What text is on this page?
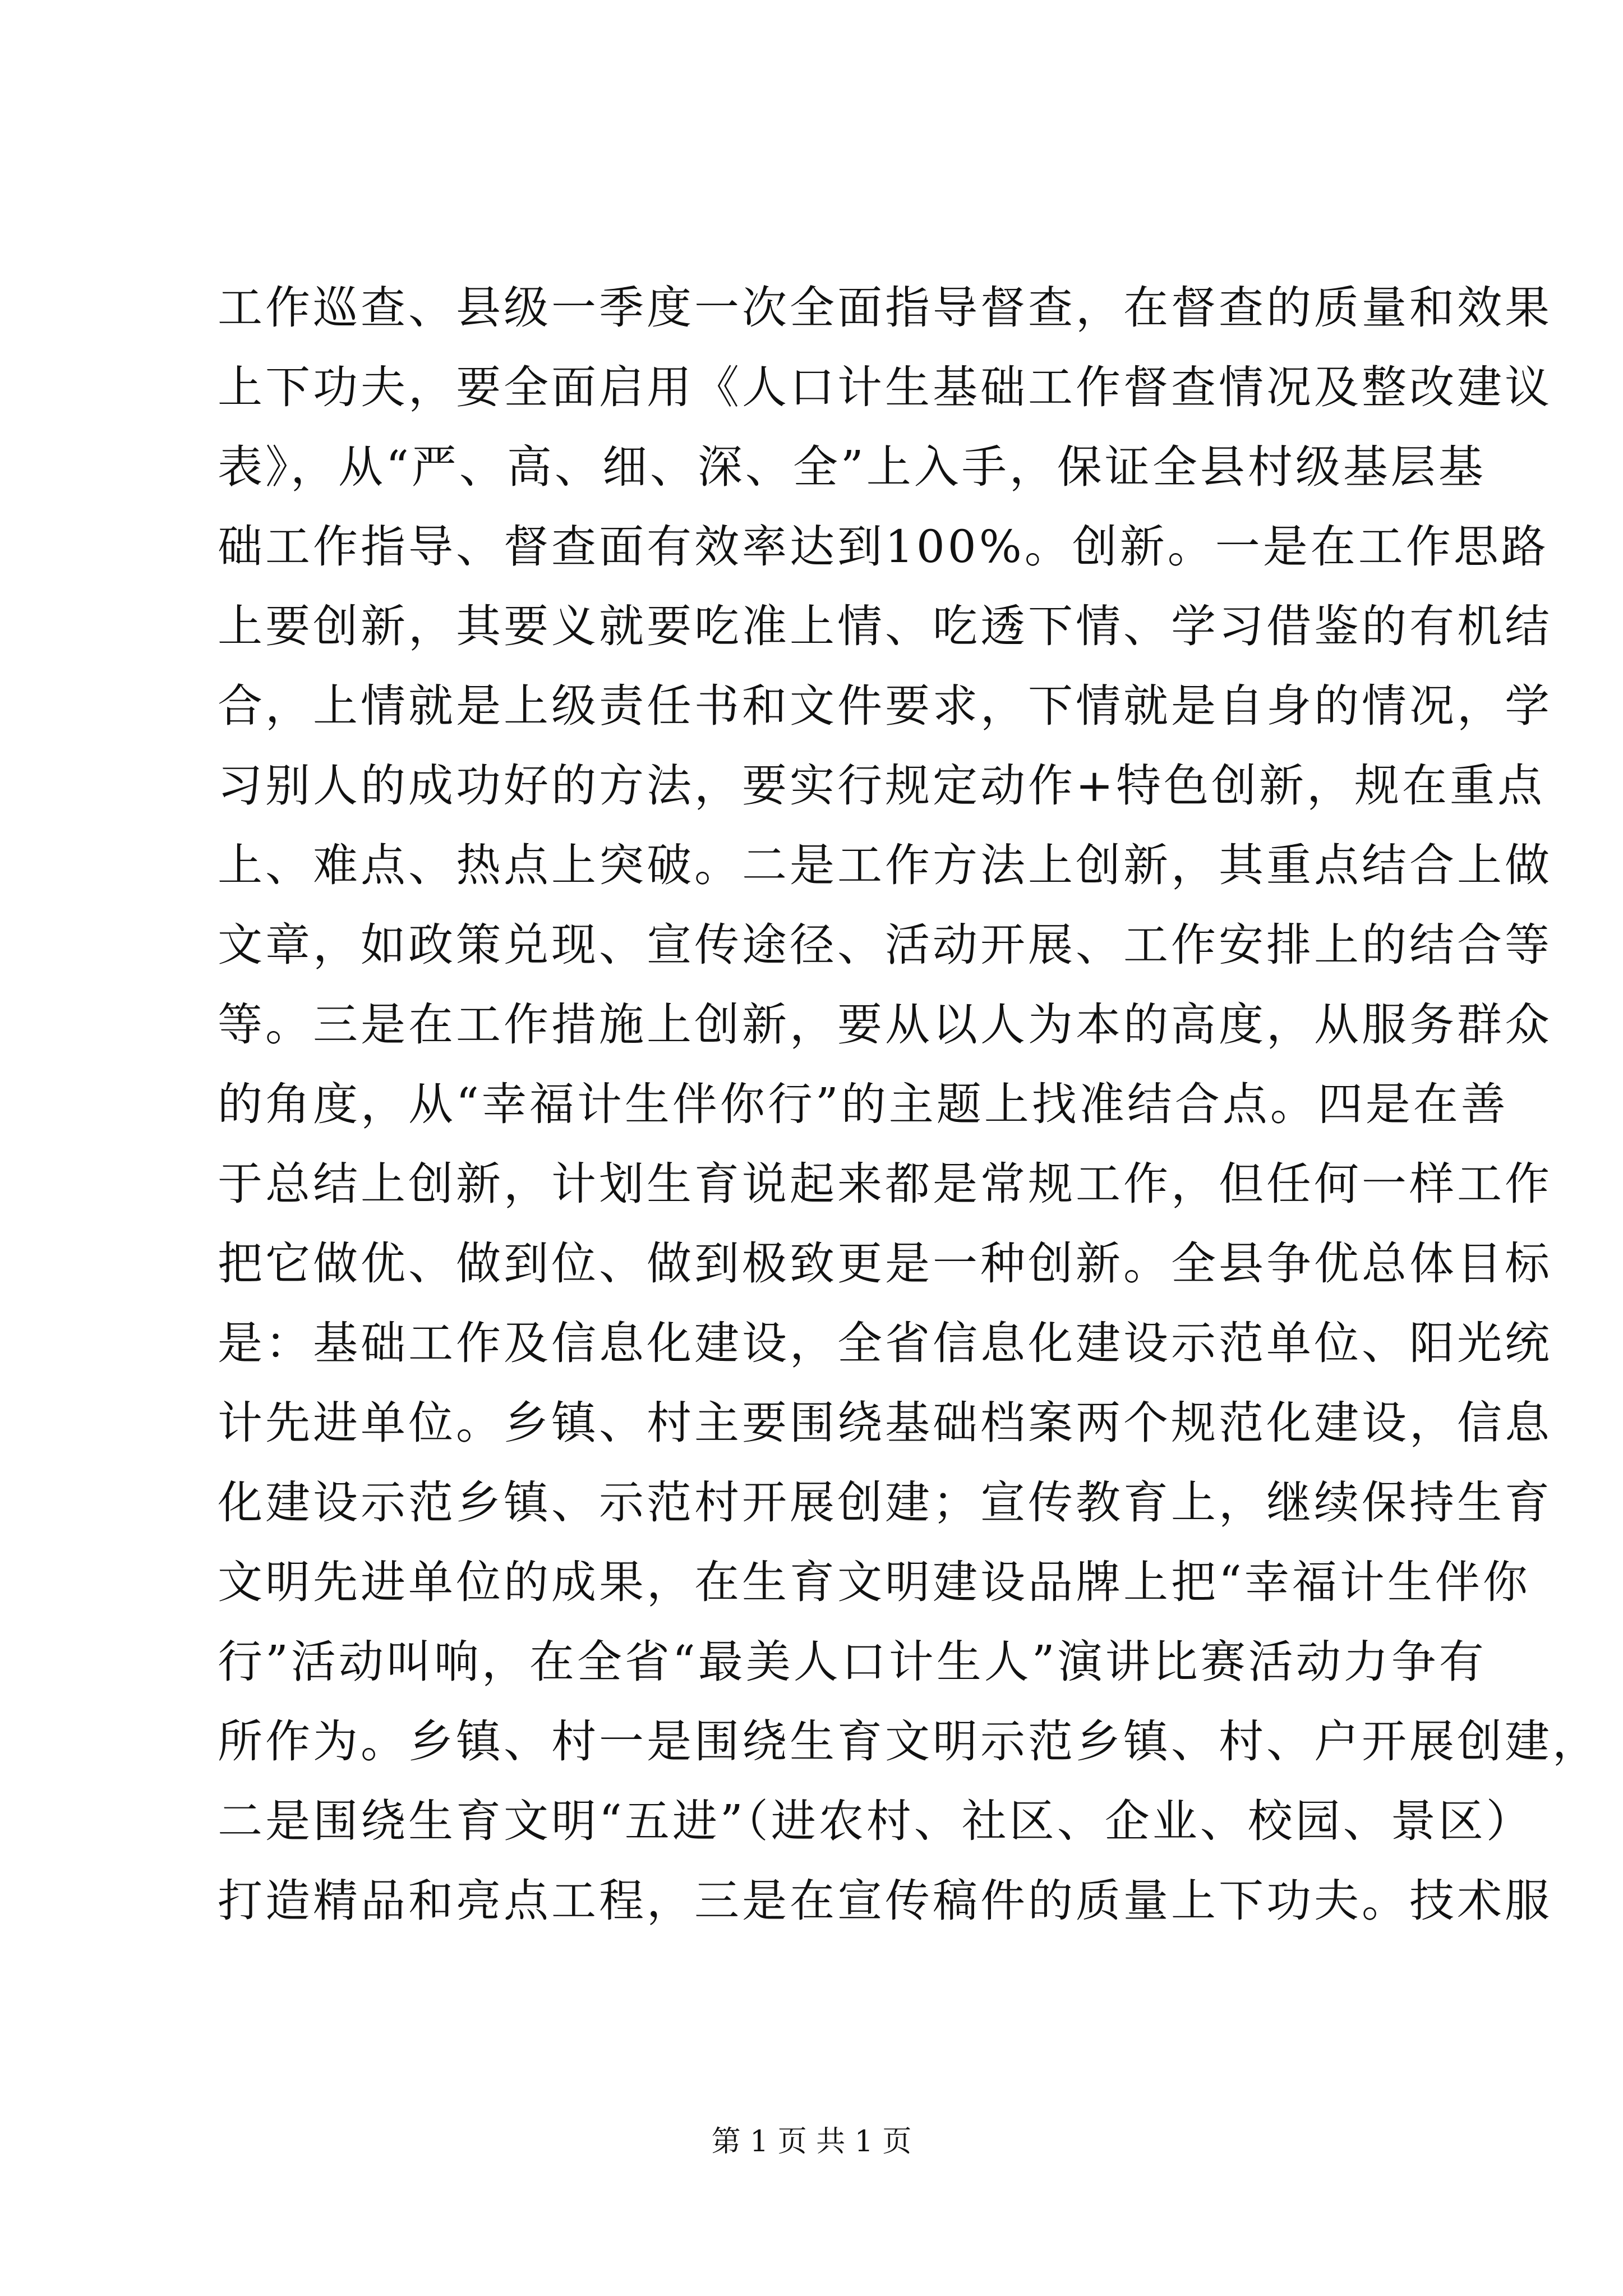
工作巡查、县级一季度一次全面指导督查，在督查的质量和效果
上下功夫，要全面启用《人口计生基础工作督查情况及整改建议
表》，从“严、高、细、深、全”上入手，保证全县村级基层基
础工作指导、督查面有效率达到100%。创新。一是在工作思路
上要创新，其要义就要吃准上情、吃透下情、学习借鉴的有机结
合，上情就是上级责任书和文件要求，下情就是自身的情况，学
习别人的成功好的方法，要实行规定动作+特色创新，规在重点
上、难点、热点上突破。二是工作方法上创新，其重点结合上做
文章，如政策兑现、宣传途径、活动开展、工作安排上的结合等
等。三是在工作措施上创新，要从以人为本的高度，从服务群众
的角度，从“幸福计生伴你行”的主题上找准结合点。四是在善
于总结上创新，计划生育说起来都是常规工作，但任何一样工作
把它做优、做到位、做到极致更是一种创新。全县争优总体目标
是：基础工作及信息化建设，全省信息化建设示范单位、阳光统
计先进单位。乡镇、村主要围绕基础档案两个规范化建设，信息
化建设示范乡镇、示范村开展创建；宣传教育上，继续保持生育
文明先进单位的成果，在生育文明建设品牌上把“幸福计生伴你
行”活动叫响，在全省“最美人口计生人”演讲比赛活动力争有
所作为。乡镇、村一是围绕生育文明示范乡镇、村、户开展创建，
二是围绕生育文明“五进”（进农村、社区、企业、校园、景区）
打造精品和亮点工程，三是在宣传稿件的质量上下功夫。技术服
第 1 页 共 1 页
